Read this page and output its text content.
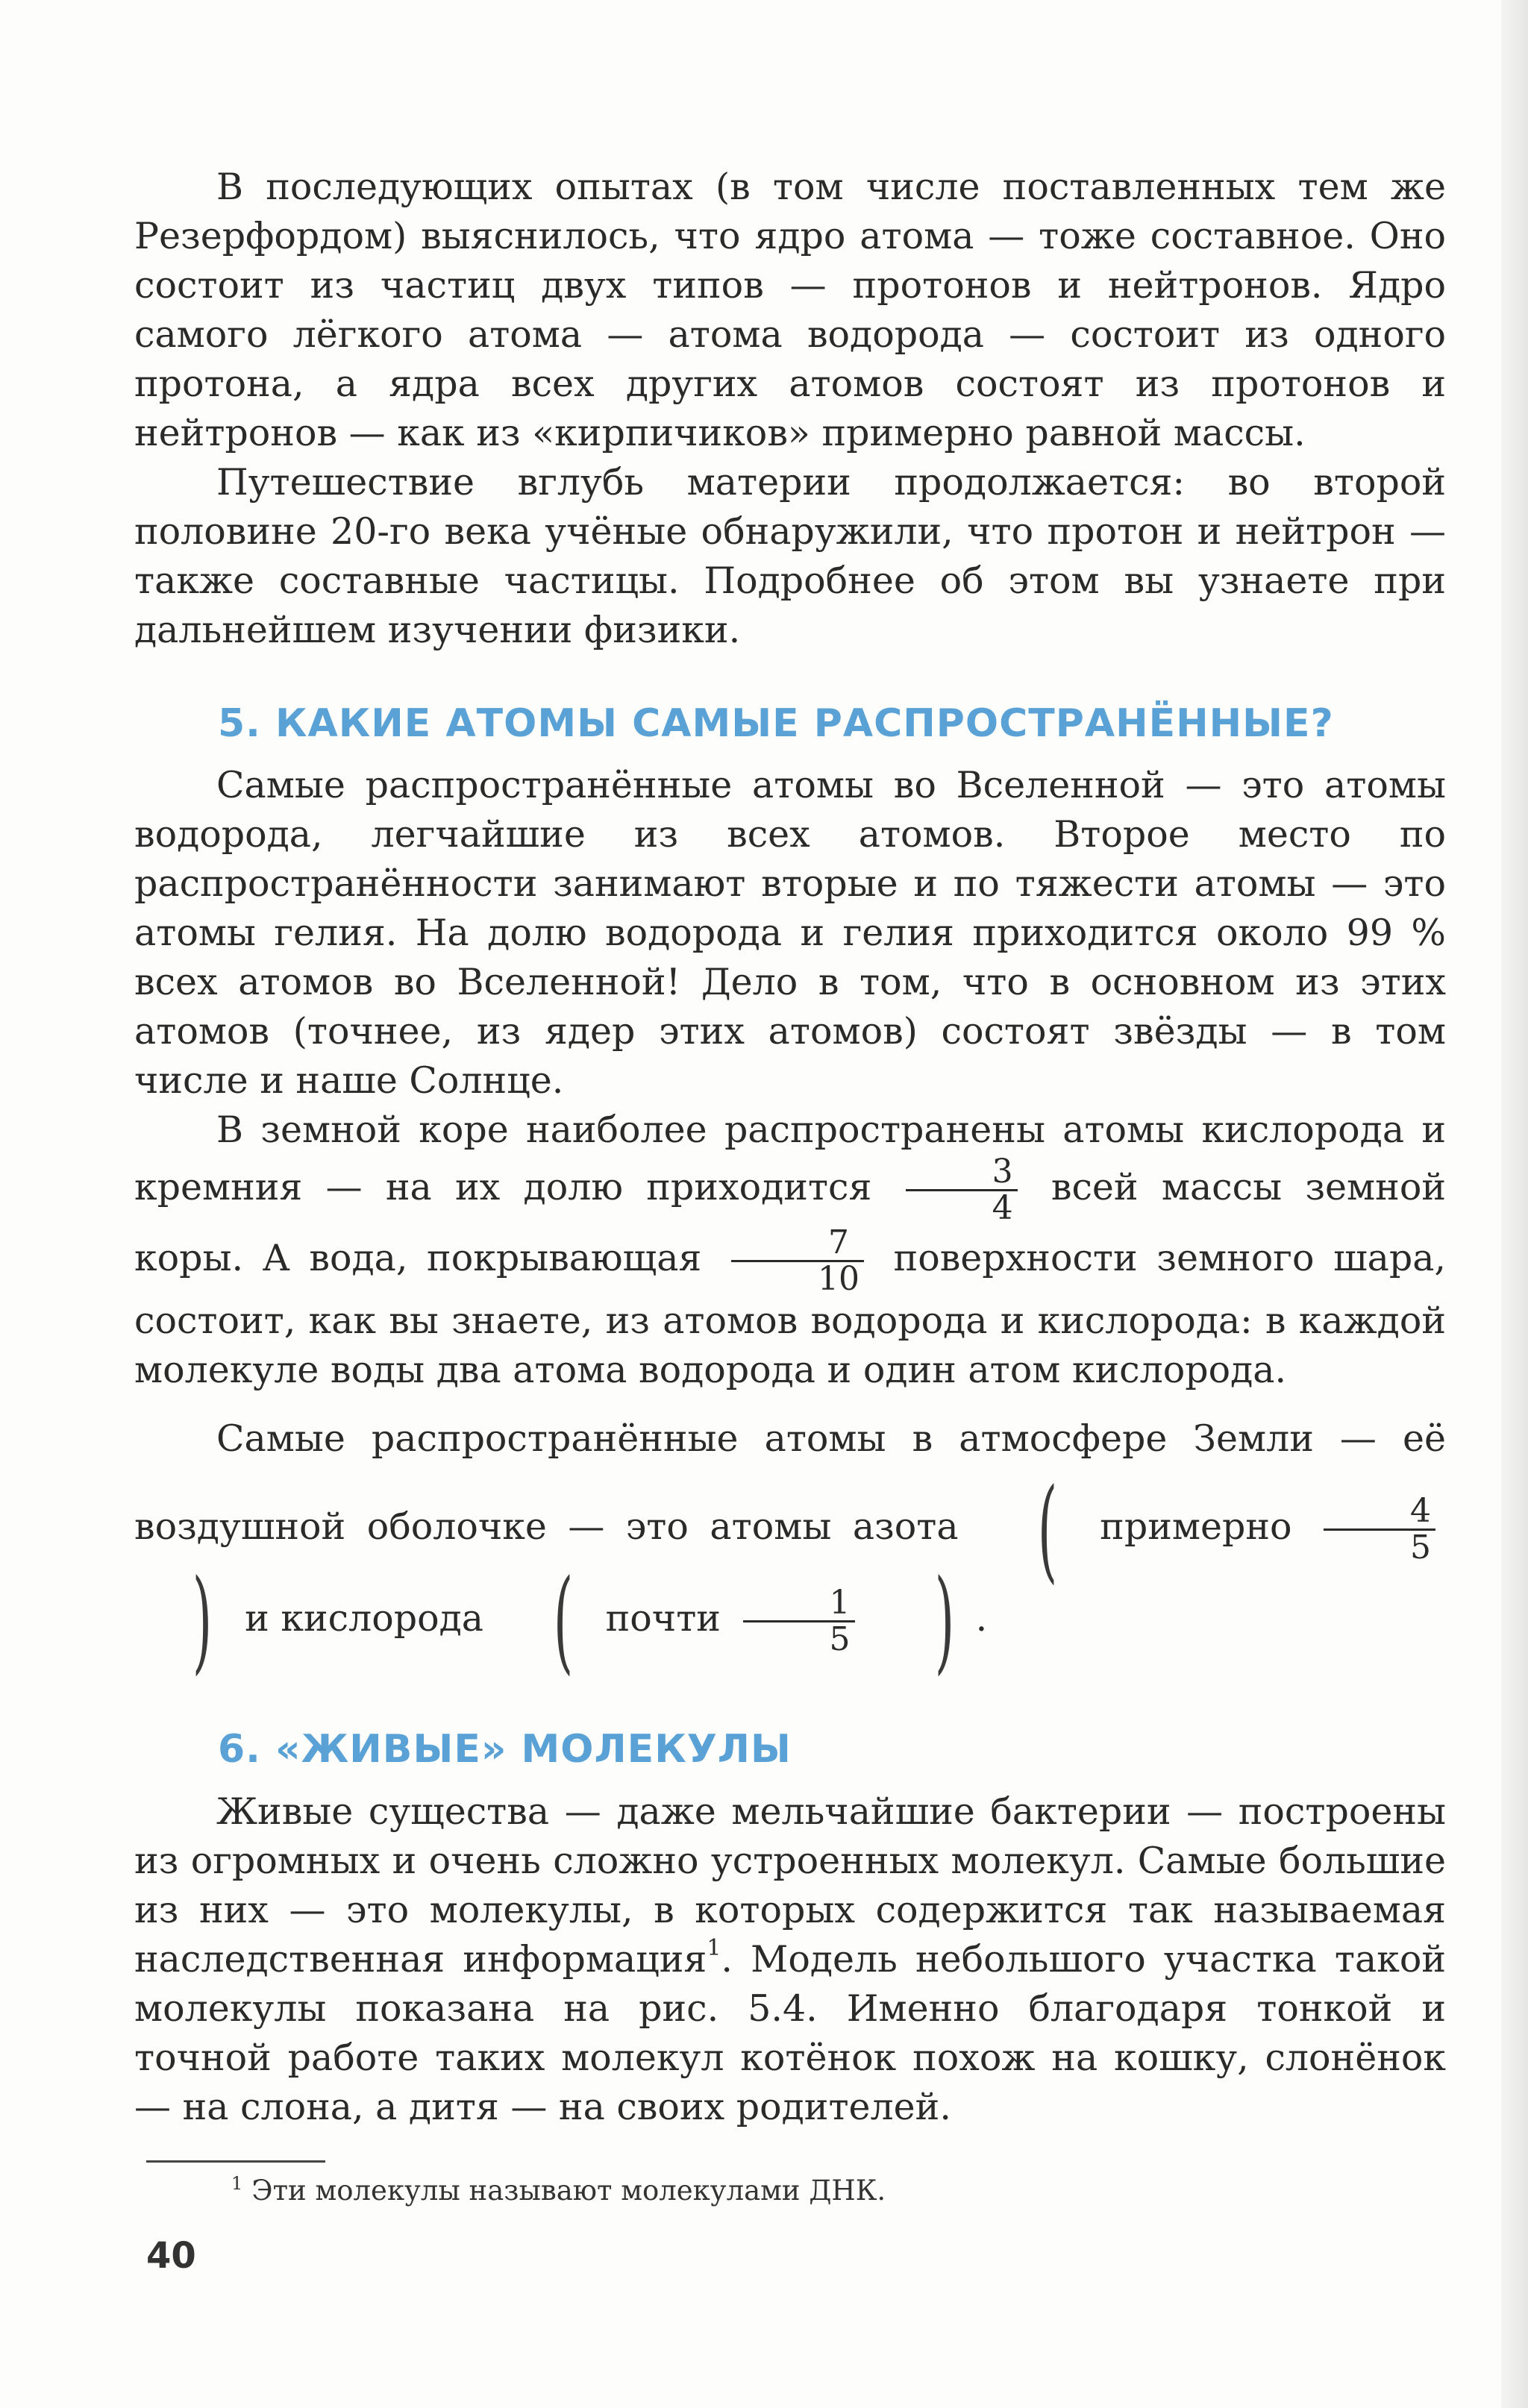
В последующих опытах (в том числе поставленных тем же Резерфордом) выяснилось, что ядро атома — тоже составное. Оно состоит из частиц двух типов — протонов и нейтронов. Ядро самого лёгкого атома — атома водорода — состоит из одного протона, а ядра всех других атомов состоят из протонов и нейтронов — как из «кирпичиков» примерно равной массы.

Путешествие вглубь материи продолжается: во второй половине 20-го века учёные обнаружили, что протон и нейтрон — также составные частицы. Подробнее об этом вы узнаете при дальнейшем изучении физики.

5. КАКИЕ АТОМЫ САМЫЕ РАСПРОСТРАНЁННЫЕ?

Самые распространённые атомы во Вселенной — это атомы водорода, легчайшие из всех атомов. Второе место по распространённости занимают вторые и по тяжести атомы — это атомы гелия. На долю водорода и гелия приходится около 99 % всех атомов во Вселенной! Дело в том, что в основном из этих атомов (точнее, из ядер этих атомов) состоят звёзды — в том числе и наше Солнце.

В земной коре наиболее распространены атомы кислорода и кремния — на их долю приходится $\frac{3}{4}$ всей массы земной коры. А вода, покрывающая $\frac{7}{10}$ поверхности земного шара, состоит, как вы знаете, из атомов водорода и кислорода: в каждой молекуле воды два атома водорода и один атом кислорода.

Самые распространённые атомы в атмосфере Земли — её воздушной оболочке — это атомы азота ( примерно $\frac{4}{5}$
) и кислорода ( почти $\frac{1}{5}$ ) .

6. «ЖИВЫЕ» МОЛЕКУЛЫ

Живые существа — даже мельчайшие бактерии — построены из огромных и очень сложно устроенных молекул. Самые большие из них — это молекулы, в которых содержится так называемая наследственная информация$^1$. Модель небольшого участка такой молекулы показана на рис. 5.4. Именно благодаря тонкой и точной работе таких молекул котёнок похож на кошку, слонёнок — на слона, а дитя — на своих родителей.

$^1$ Эти молекулы называют молекулами ДНК.
40
